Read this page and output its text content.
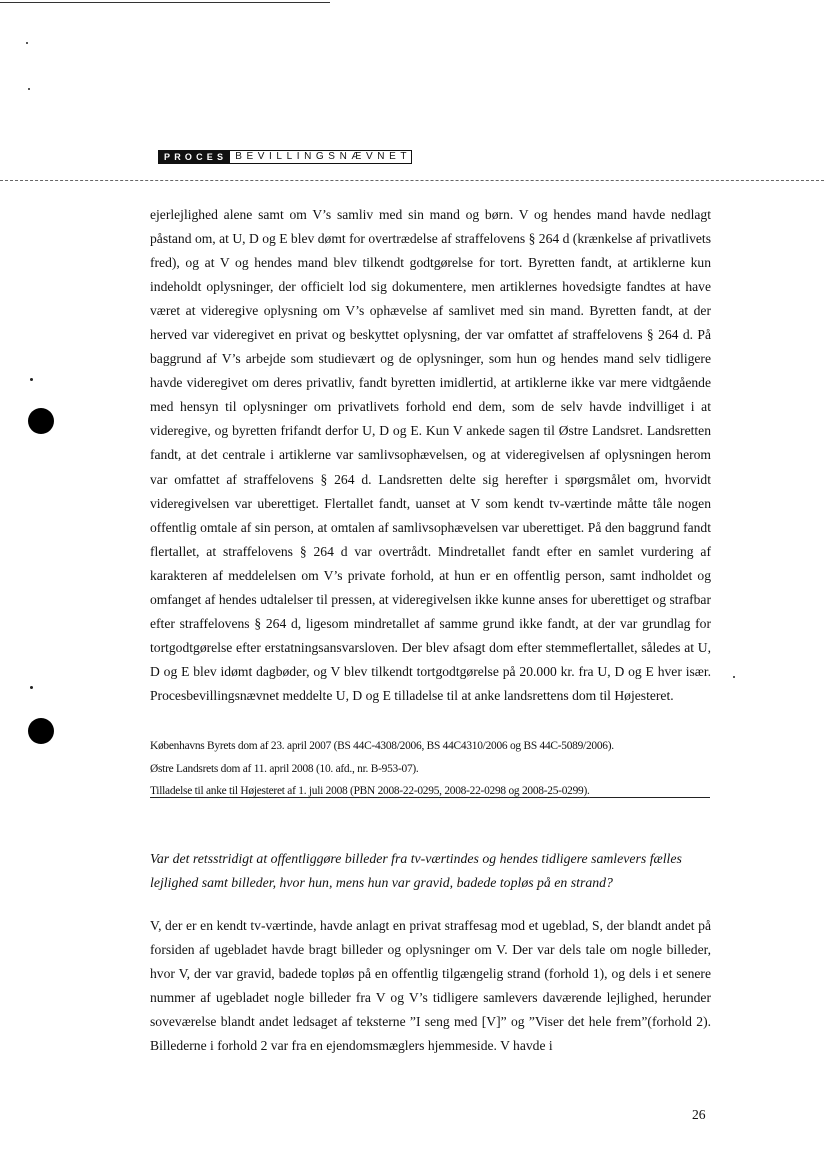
PROCES BEVILLINGSNÆVNET

ejerlejlighed alene samt om V’s samliv med sin mand og børn. V og hendes mand havde nedlagt påstand om, at U, D og E blev dømt for overtrædelse af straffelovens § 264 d (krænkelse af privatlivets fred), og at V og hendes mand blev tilkendt godtgørelse for tort. Byretten fandt, at artiklerne kun indeholdt oplysninger, der officielt lod sig dokumentere, men artiklernes hovedsigte fandtes at have været at videregive oplysning om V’s ophævelse af samlivet med sin mand. Byretten fandt, at der herved var videregivet en privat og beskyttet oplysning, der var omfattet af straffelovens § 264 d. På baggrund af V’s arbejde som studievært og de oplysninger, som hun og hendes mand selv tidligere havde videregivet om deres privatliv, fandt byretten imidlertid, at artiklerne ikke var mere vidtgående med hensyn til oplysninger om privatlivets forhold end dem, som de selv havde indvilliget i at videregive, og byretten frifandt derfor U, D og E. Kun V ankede sagen til Østre Landsret. Landsretten fandt, at det centrale i artiklerne var samlivsophævelsen, og at videregivelsen af oplysningen herom var omfattet af straffelovens § 264 d. Landsretten delte sig herefter i spørgsmålet om, hvorvidt videregivelsen var uberettiget. Flertallet fandt, uanset at V som kendt tv-værtinde måtte tåle nogen offentlig omtale af sin person, at omtalen af samlivsophævelsen var uberettiget. På den baggrund fandt flertallet, at straffelovens § 264 d var overtrådt. Mindretallet fandt efter en samlet vurdering af karakteren af meddelelsen om V’s private forhold, at hun er en offentlig person, samt indholdet og omfanget af hendes udtalelser til pressen, at videregivelsen ikke kunne anses for uberettiget og strafbar efter straffelovens § 264 d, ligesom mindretallet af samme grund ikke fandt, at der var grundlag for tortgodtgørelse efter erstatningsansvarsloven. Der blev afsagt dom efter stemmeflertallet, således at U, D og E blev idømt dagbøder, og V blev tilkendt tortgodtgørelse på 20.000 kr. fra U, D og E hver især. Procesbevillingsnævnet meddelte U, D og E tilladelse til at anke landsrettens dom til Højesteret.

Københavns Byrets dom af 23. april 2007 (BS 44C-4308/2006, BS 44C4310/2006 og BS 44C-5089/2006).
Østre Landsrets dom af 11. april 2008 (10. afd., nr. B-953-07).
Tilladelse til anke til Højesteret af 1. juli 2008 (PBN 2008-22-0295, 2008-22-0298 og 2008-25-0299).

Var det retsstridigt at offentliggøre billeder fra tv-værtindes og hendes tidligere samlevers fælles lejlighed samt billeder, hvor hun, mens hun var gravid, badede topløs på en strand?

V, der er en kendt tv-værtinde, havde anlagt en privat straffesag mod et ugeblad, S, der blandt andet på forsiden af ugebladet havde bragt billeder og oplysninger om V. Der var dels tale om nogle billeder, hvor V, der var gravid, badede topløs på en offentlig tilgængelig strand (forhold 1), og dels i et senere nummer af ugebladet nogle billeder fra V og V’s tidligere samlevers daværende lejlighed, herunder soveværelse blandt andet ledsaget af teksterne ”I seng med [V]” og ”Viser det hele frem”(forhold 2). Billederne i forhold 2 var fra en ejendomsmæglers hjemmeside. V havde i

26
